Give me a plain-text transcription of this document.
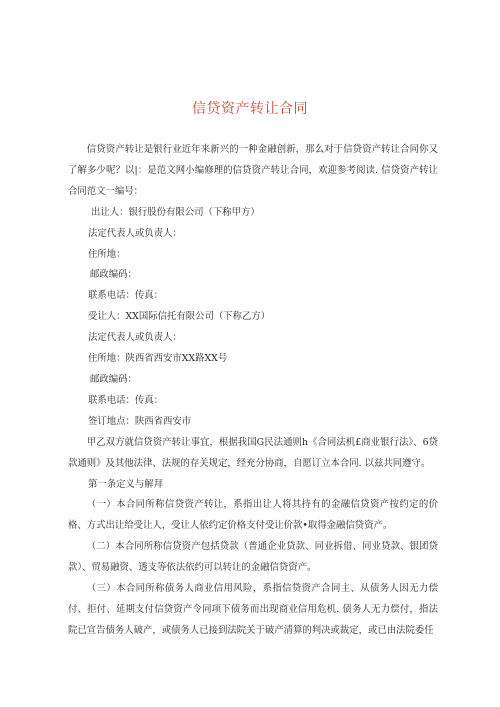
信贷资产转让合同

信贷资产转让是银行业近年来新兴的一种金融创新，那么对于信贷资产转让合同你又了解多少呢？以|：是范文网小编修理的信贷资产转让合同，欢迎参考阅读. 信贷资产转让合同范文一编号：

出让人：银行股份有限公司（下称甲方）

法定代表人或负责人：

住所地：

邮政编码：

联系电话：传真：

受让人：XX国际信托有限公司（下称乙方）

法定代表人或负责人：

住所地：陕西省西安市XX路XX号

邮政编码：

联系电话：传真：

签订地点：陕西省西安市

甲乙双方就信贷资产转让事宜，根据我国G民法通则h《合同法机£商业银行法》、6贷款通则》及其他法律、法规的存关规定，经充分协商，自愿订立本合同. 以兹共同遵守。

第一条定义与解拜

（一）本合同所称信贷资产转让，系指出让人将其持有的金融信贷资产按约定的价格、方式出让给受让人，受让人依约定价格支付受让价款•取得金融信贷资产。

（二）本合同所称信贷资产包括贷款（普通企业贷款、同业拆借、同业贷款、银团贷款）、贸易融资、透支等依法依约可以转让的金融信贷资产。

（三）本合同所称债务人商业信用风险，系指信贷资产合同主、从债务人因无力偿付、拒付、延期支付信贷资产令同项下债务而出现商业信用危机. 债务人无力偿付，指法院已宣告债务人破产，或债务人已接到法院关于破产清算的判决或裁定，或已由法院委任
